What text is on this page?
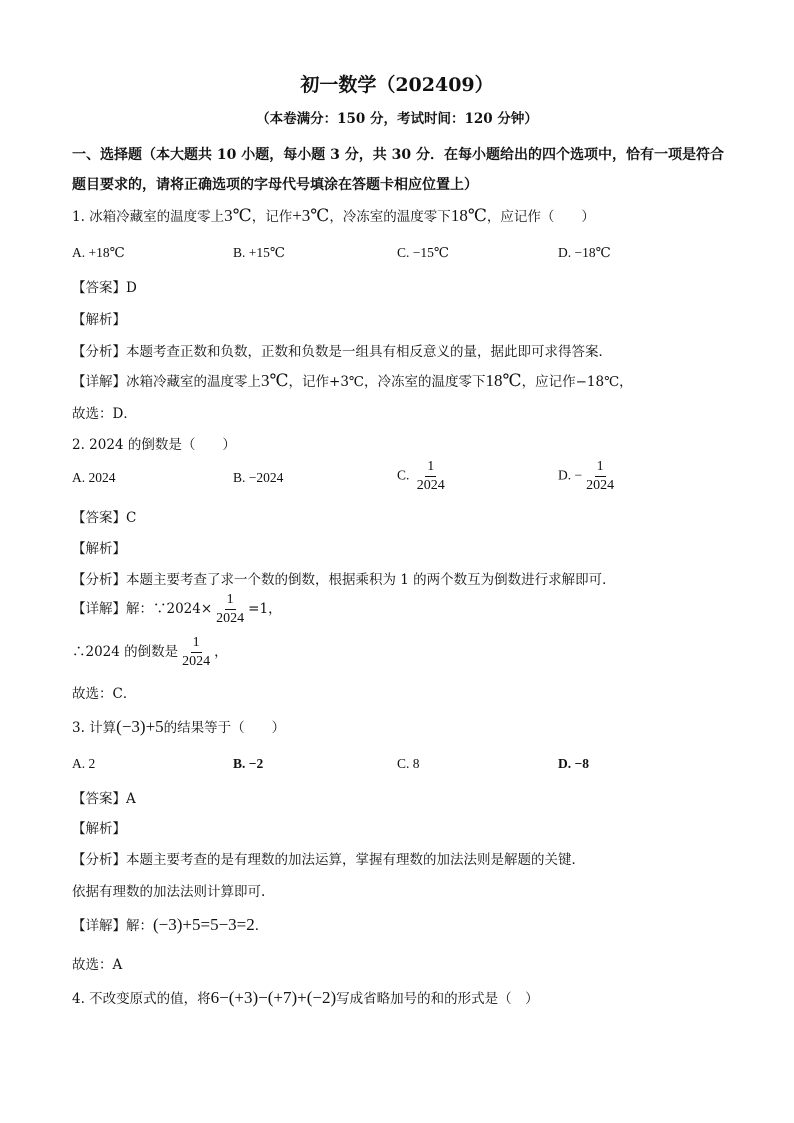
初一数学（202409）
（本卷满分：150 分，考试时间：120 分钟）
一、选择题（本大题共 10 小题，每小题 3 分，共 30 分．在每小题给出的四个选项中，恰有一项是符合题目要求的，请将正确选项的字母代号填涂在答题卡相应位置上）
1. 冰箱冷藏室的温度零上3℃，记作+3℃，冷冻室的温度零下18℃，应记作（　　）
A. +18℃	B. +15℃	C. −15℃	D. −18℃
【答案】D
【解析】
【分析】本题考查正数和负数，正数和负数是一组具有相反意义的量，据此即可求得答案．
【详解】冰箱冷藏室的温度零上3℃，记作+3℃，冷冻室的温度零下18℃，应记作−18℃，
故选：D．
2. 2024 的倒数是（　　）
A. 2024	B. −2024	C. $\frac{1}{2024}$	D. − $\frac{1}{2024}$
【答案】C
【解析】
【分析】本题主要考查了求一个数的倒数，根据乘积为 1 的两个数互为倒数进行求解即可．
【详解】解：∵2024× $\frac{1}{2024} =1$，
∴2024 的倒数是 $\frac{1}{2024}$ ，
故选：C．
3. 计算(−3)+5的结果等于（　　）
A. 2	B. −2	C. 8	D. −8
【答案】A
【解析】
【分析】本题主要考查的是有理数的加法运算，掌握有理数的加法法则是解题的关键．
依据有理数的加法法则计算即可.
【详解】解：(−3)+5=5−3=2．
故选：A
4. 不改变原式的值，将6−(+3)−(+7)+(−2)写成省略加号的和的形式是（　）
